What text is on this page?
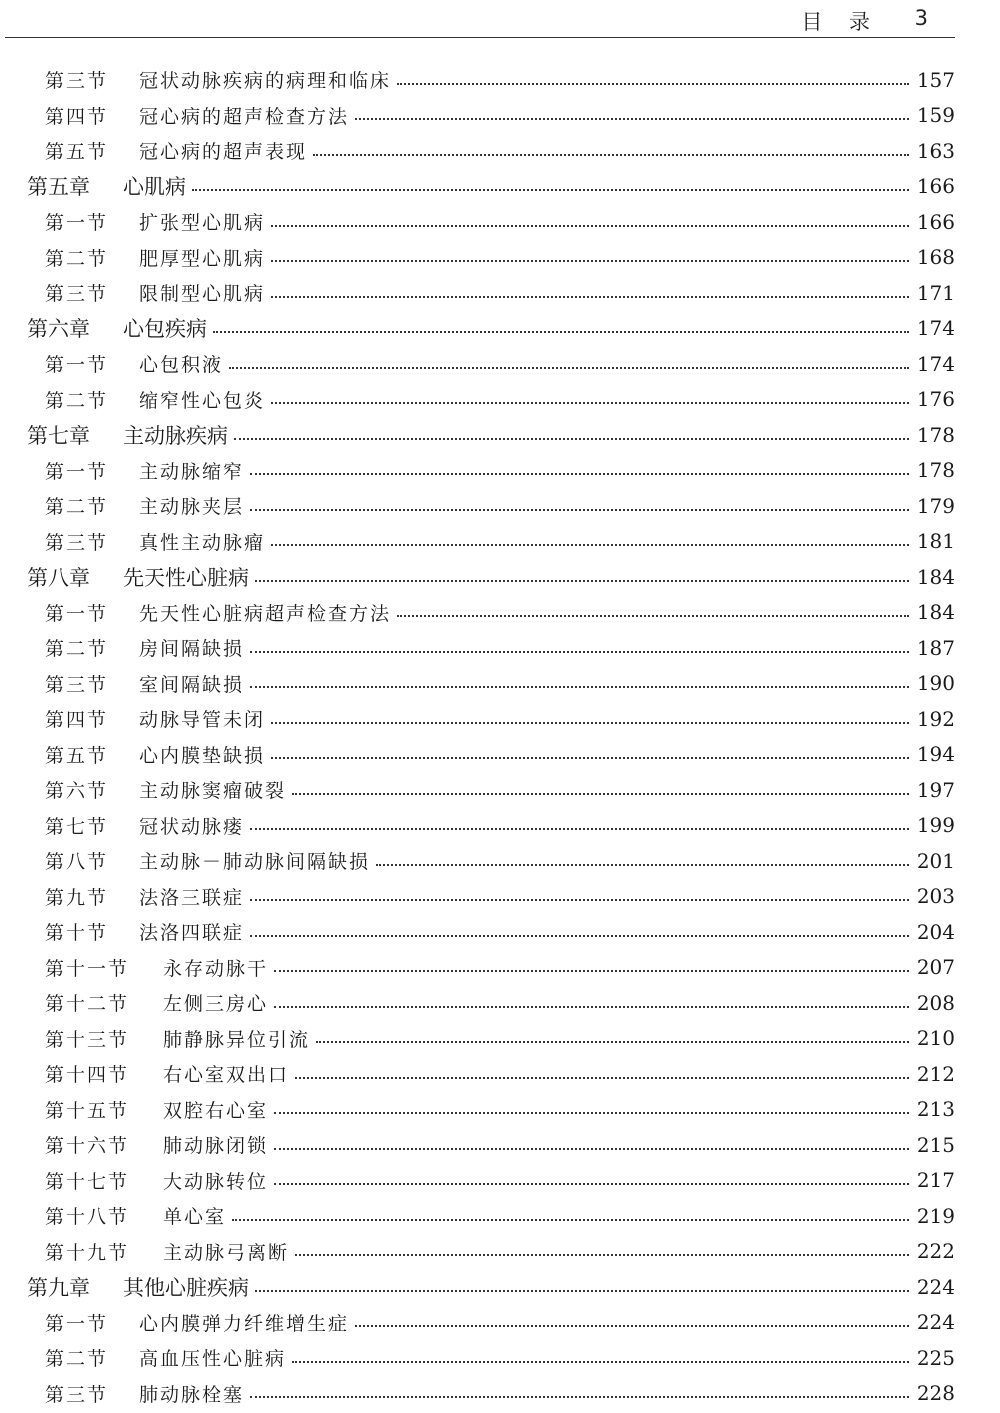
目 录 3
第三节	冠状动脉疾病的病理和临床	157
第四节	冠心病的超声检查方法	159
第五节	冠心病的超声表现	163
第五章	心肌病	166
第一节	扩张型心肌病	166
第二节	肥厚型心肌病	168
第三节	限制型心肌病	171
第六章	心包疾病	174
第一节	心包积液	174
第二节	缩窄性心包炎	176
第七章	主动脉疾病	178
第一节	主动脉缩窄	178
第二节	主动脉夹层	179
第三节	真性主动脉瘤	181
第八章	先天性心脏病	184
第一节	先天性心脏病超声检查方法	184
第二节	房间隔缺损	187
第三节	室间隔缺损	190
第四节	动脉导管未闭	192
第五节	心内膜垫缺损	194
第六节	主动脉窦瘤破裂	197
第七节	冠状动脉瘘	199
第八节	主动脉－肺动脉间隔缺损	201
第九节	法洛三联症	203
第十节	法洛四联症	204
第十一节	永存动脉干	207
第十二节	左侧三房心	208
第十三节	肺静脉异位引流	210
第十四节	右心室双出口	212
第十五节	双腔右心室	213
第十六节	肺动脉闭锁	215
第十七节	大动脉转位	217
第十八节	单心室	219
第十九节	主动脉弓离断	222
第九章	其他心脏疾病	224
第一节	心内膜弹力纤维增生症	224
第二节	高血压性心脏病	225
第三节	肺动脉栓塞	228
